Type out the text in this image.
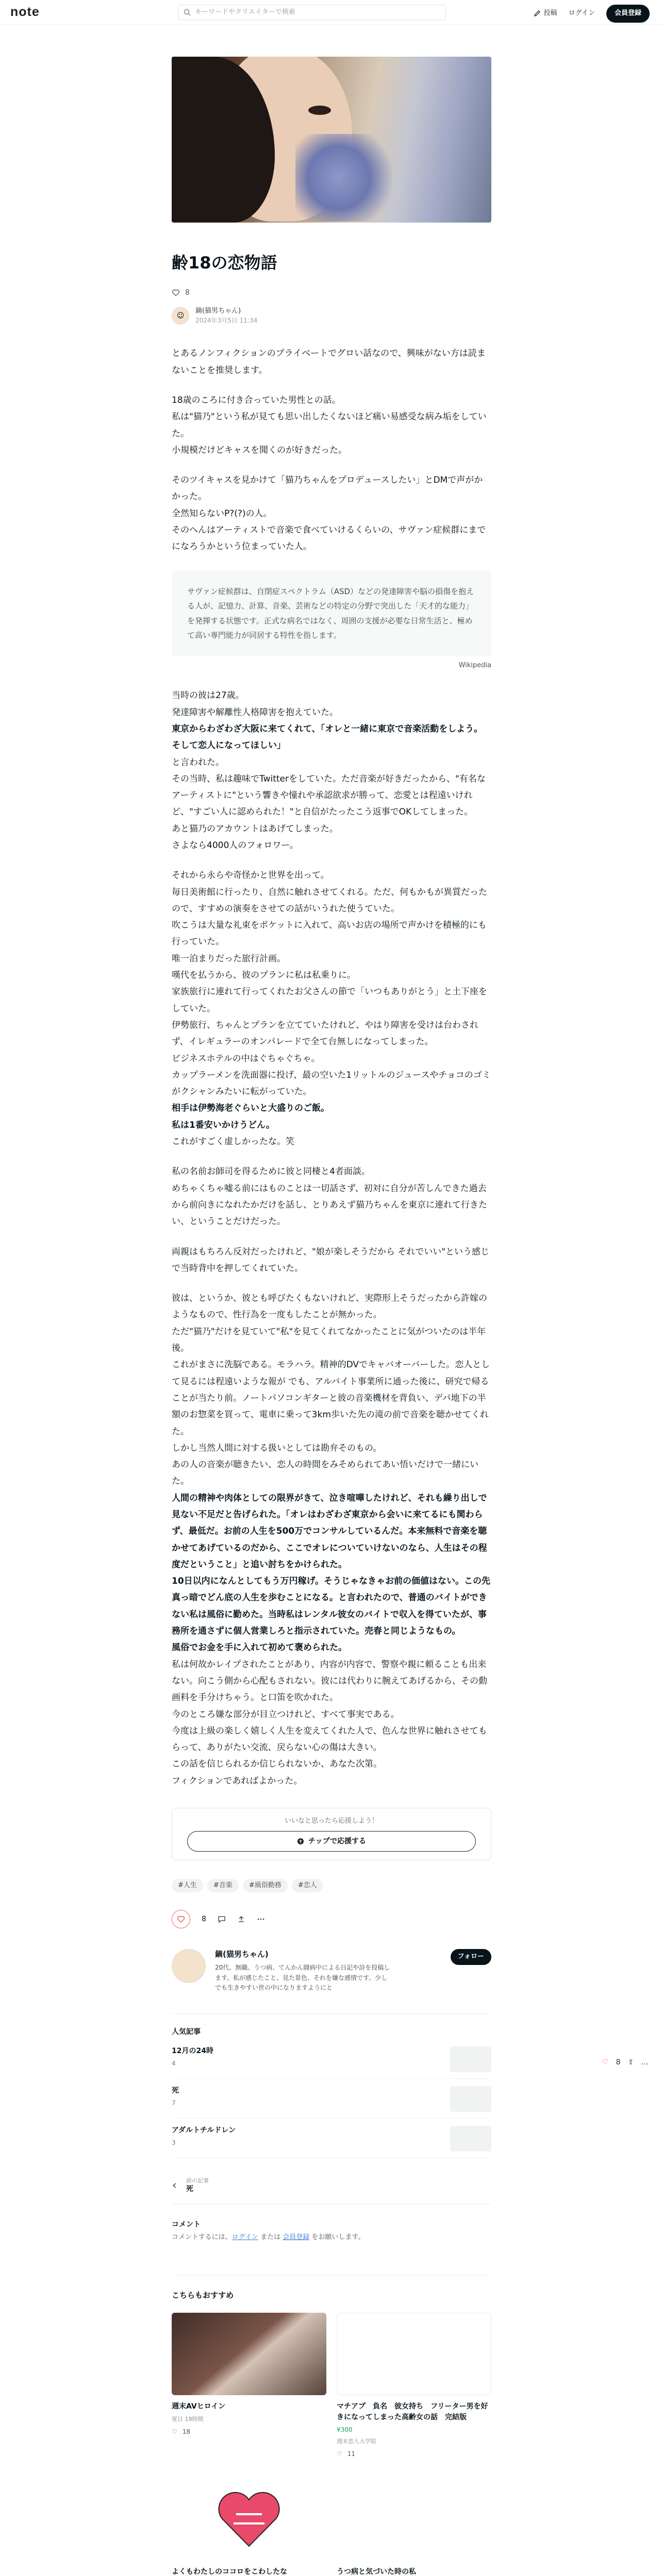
note	キーワードやクリエイターで検索	投稿 ログイン	会員登録
齢18の恋物語
8
☺
鏑(猫男ちゃん)
2024年3月5日 11:34

とあるノンフィクションのプライベートでグロい話なので、興味がない方は読まないことを推奨します。

18歳のころに付き合っていた男性との話。

私は"猫乃"という私が見ても思い出したくないほど痛い易感受な病み垢をしていた。

小規模だけどキャスを聞くのが好きだった。

そのツイキャスを見かけて「猫乃ちゃんをプロデュースしたい」とDMで声がかかった。

全然知らないP?(?)の人。

そのへんはアーティストで音楽で食べていけるくらいの、サヴァン症候群にまでになろうかという位まっていた人。

サヴァン症候群は、自閉症スペクトラム（ASD）などの発達障害や脳の損傷を抱える人が、記憶力、計算、音楽、芸術などの特定の分野で突出した「天才的な能力」を発揮する状態です。正式な病名ではなく、周囲の支援が必要な日常生活と、極めて高い専門能力が同居する特性を指します。
Wikipedia

当時の彼は27歳。

発達障害や解離性人格障害を抱えていた。

東京からわざわざ大阪に来てくれて、「オレと一緒に東京で音楽活動をしよう。そして恋人になってほしい」

と言われた。

その当時、私は趣味でTwitterをしていた。ただ音楽が好きだったから、"有名なアーティストに"という響きや憧れや承認欲求が勝って、恋愛とは程遠いけれど、"すごい人に認められた！"と自信がたったこう返事でOKしてしまった。

あと猫乃のアカウントはあげてしまった。

さよなら4000人のフォロワー。

それから永らや奇怪かと世界を出って。

毎日美術館に行ったり、自然に触れさせてくれる。ただ、何もかもが異質だったので、すすめの演奏をさせての話がいうれた使うていた。

吹こうは大量な礼束をポケットに入れて、高いお店の場所で声かけを積極的にも行っていた。

唯一泊まりだった旅行計画。

嘆代を払うから、彼のプランに私は私乗りに。

家族旅行に連れて行ってくれたお父さんの節で「いつもありがとう」と土下座をしていた。

伊勢旅行、ちゃんとプランを立てていたけれど、やはり障害を受けは台わされず、イレギュラーのオンパレードで全て台無しになってしまった。

ビジネスホテルの中はぐちゃぐちゃ。

カップラーメンを洗面器に投げ、最の空いた1リットルのジュースやチョコのゴミがクシャンみたいに転がっていた。

相手は伊勢海老ぐらいと大盛りのご飯。

私は1番安いかけうどん。

これがすごく虚しかったな。笑

私の名前お師司を得るために彼と同棲と4者面談。

めちゃくちゃ嘘る前にはものことは一切話さず、初対に自分が苦しんできた過去から前向きになれたかだけを話し、とりあえず猫乃ちゃんを東京に連れて行きたい、ということだけだった。

両親はもちろん反対だったけれど、"娘が楽しそうだから それでいい"という感じで当時背中を押してくれていた。

彼は、というか、彼とも呼びたくもないけれど、実際形上そうだったから許嫁のようなもので、性行為を一度もしたことが無かった。

ただ"猫乃"だけを見ていて"私"を見てくれてなかったことに気がついたのは半年後。

これがまさに洗脳である。モラハラ。精神的DVでキャバオーバーした。恋人として見るには程遠いような報が でも、アルバイト事業所に通った後に、研究で帰ることが当たり前。ノートパソコンギターと彼の音楽機材を背負い、デパ地下の半額のお惣菜を買って、電車に乗って3km歩いた先の滝の前で音楽を聴かせてくれた。

しかし当然人間に対する扱いとしては勘弁そのもの。

あの人の音楽が聴きたい、恋人の時間をみそめられてあい悟いだけで一緒にいた。

人間の精神や肉体としての限界がきて、泣き喧嘩したけれど、それも繰り出しで見ない不足だと告げられた。「オレはわざわざ東京から会いに来てるにも関わらず、最低だ。お前の人生を500万でコンサルしているんだ。本来無料で音楽を聴かせてあげているのだから、ここでオレについていけないのなら、人生はその程度だということ」と追い討ちをかけられた。

10日以内になんとしてもう万円稼げ。そうじゃなきゃお前の価値はない。この先真っ暗でどん底の人生を歩むことになる。と言われたので、普通のバイトができない私は風俗に勤めた。当時私はレンタル彼女のバイトで収入を得ていたが、事務所を通さずに個人営業しろと指示されていた。売春と同じようなもの。

風俗でお金を手に入れて初めて褒められた。

私は何故かレイプされたことがあり、内容が内容で、警察や親に頼ることも出来ない。向こう側から心配もされない。彼には代わりに腕えてあげるから、その動画料を手分けちゃう。と口笛を吹かれた。

今のところ嫌な部分が目立つけれど、すべて事実である。

今度は上級の楽しく嬉しく人生を変えてくれた人で、色んな世界に触れさせてもらって、ありがたい交流、戻らない心の傷は大きい。

この話を信じられるか信じられないか、あなた次第。

フィクションであればよかった。

いいなと思ったら応援しよう！
チップで応援する
#人生	#音楽	#風俗勤務	#恋人
8
鏑(猫男ちゃん)
20代、無職、うつ病、てんかん闘病中による日記や詩を投稿します。私が感じたこと、見た景色、それを嫌な感情です。少しでも生きやすい世の中になりますようにと
フォロー
人気記事
12月の24時
4
死
7
アダルトチルドレン
3
前の記事
死
コメント
コメントするには、ログイン または 会員登録 をお願いします。
こちらもおすすめ
週末AVヒロイン
夏目 19時間
♡ 18
マチアプ　負名　彼女持ち　フリーター男を好きになってしまった高齢女の話　完結版
¥300
週末恋人大学院
♡ 11
よくもわたしのココロをこわしたな	うつ病と気づいた時の私
♡ 8 ⇪ …
